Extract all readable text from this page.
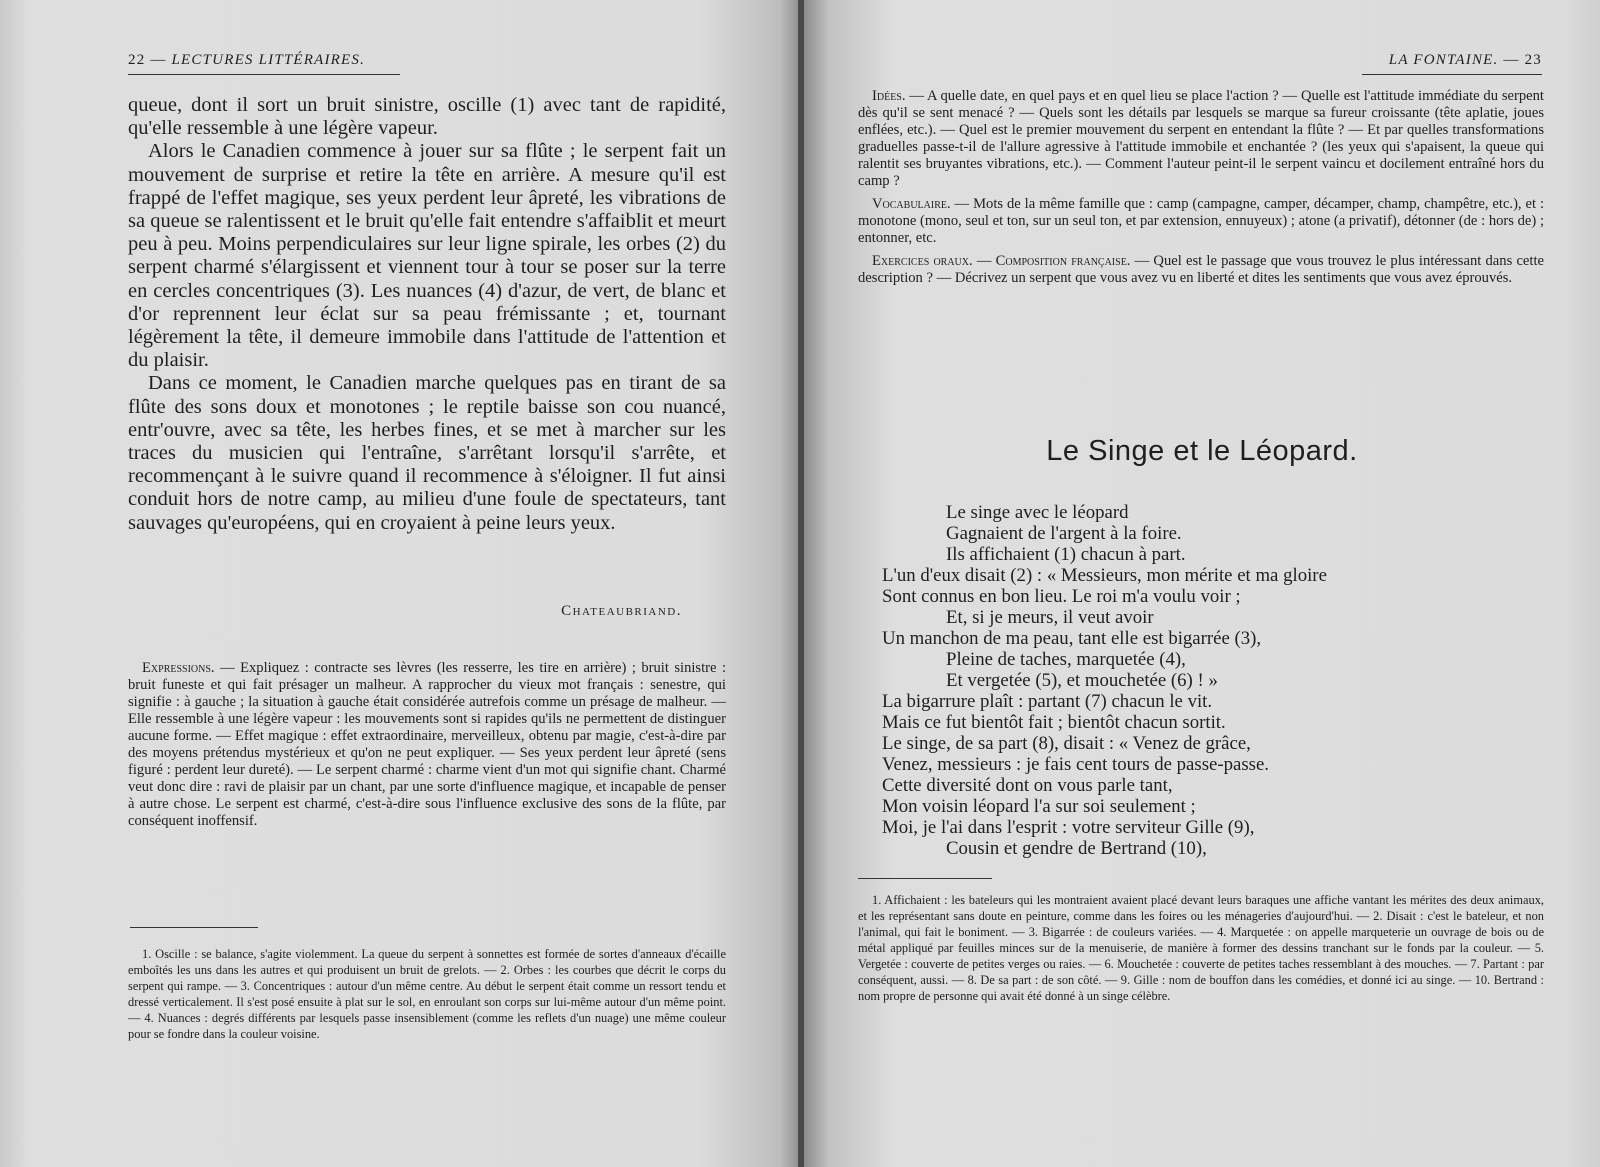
22 — LECTURES LITTÉRAIRES.

queue, dont il sort un bruit sinistre, oscille (1) avec tant de rapidité, qu'elle ressemble à une légère vapeur.

Alors le Canadien commence à jouer sur sa flûte ; le serpent fait un mouvement de surprise et retire la tête en arrière. A mesure qu'il est frappé de l'effet magique, ses yeux perdent leur âpreté, les vibrations de sa queue se ralentissent et le bruit qu'elle fait entendre s'affaiblit et meurt peu à peu. Moins perpendiculaires sur leur ligne spirale, les orbes (2) du serpent charmé s'élargissent et viennent tour à tour se poser sur la terre en cercles concentriques (3). Les nuances (4) d'azur, de vert, de blanc et d'or reprennent leur éclat sur sa peau frémissante ; et, tournant légèrement la tête, il demeure immobile dans l'attitude de l'attention et du plaisir.

Dans ce moment, le Canadien marche quelques pas en tirant de sa flûte des sons doux et monotones ; le reptile baisse son cou nuancé, entr'ouvre, avec sa tête, les herbes fines, et se met à marcher sur les traces du musicien qui l'entraîne, s'arrêtant lorsqu'il s'arrête, et recommençant à le suivre quand il recommence à s'éloigner. Il fut ainsi conduit hors de notre camp, au milieu d'une foule de spectateurs, tant sauvages qu'européens, qui en croyaient à peine leurs yeux.

Chateaubriand.

Expressions. — Expliquez : contracte ses lèvres (les resserre, les tire en arrière) ; bruit sinistre : bruit funeste et qui fait présager un malheur. A rapprocher du vieux mot français : senestre, qui signifie : à gauche ; la situation à gauche était considérée autrefois comme un présage de malheur. — Elle ressemble à une légère vapeur : les mouvements sont si rapides qu'ils ne permettent de distinguer aucune forme. — Effet magique : effet extraordinaire, merveilleux, obtenu par magie, c'est-à-dire par des moyens prétendus mystérieux et qu'on ne peut expliquer. — Ses yeux perdent leur âpreté (sens figuré : perdent leur dureté). — Le serpent charmé : charme vient d'un mot qui signifie chant. Charmé veut donc dire : ravi de plaisir par un chant, par une sorte d'influence magique, et incapable de penser à autre chose. Le serpent est charmé, c'est-à-dire sous l'influence exclusive des sons de la flûte, par conséquent inoffensif.

1. Oscille : se balance, s'agite violemment. La queue du serpent à sonnettes est formée de sortes d'anneaux d'écaille emboîtés les uns dans les autres et qui produisent un bruit de grelots. — 2. Orbes : les courbes que décrit le corps du serpent qui rampe. — 3. Concentriques : autour d'un même centre. Au début le serpent était comme un ressort tendu et dressé verticalement. Il s'est posé ensuite à plat sur le sol, en enroulant son corps sur lui-même autour d'un même point. — 4. Nuances : degrés différents par lesquels passe insensiblement (comme les reflets d'un nuage) une même couleur pour se fondre dans la couleur voisine.

LA FONTAINE. — 23

Idées. — A quelle date, en quel pays et en quel lieu se place l'action ? — Quelle est l'attitude immédiate du serpent dès qu'il se sent menacé ? — Quels sont les détails par lesquels se marque sa fureur croissante (tête aplatie, joues enflées, etc.). — Quel est le premier mouvement du serpent en entendant la flûte ? — Et par quelles transformations graduelles passe-t-il de l'allure agressive à l'attitude immobile et enchantée ? (les yeux qui s'apaisent, la queue qui ralentit ses bruyantes vibrations, etc.). — Comment l'auteur peint-il le serpent vaincu et docilement entraîné hors du camp ?

Vocabulaire. — Mots de la même famille que : camp (campagne, camper, décamper, champ, champêtre, etc.), et : monotone (mono, seul et ton, sur un seul ton, et par extension, ennuyeux) ; atone (a privatif), détonner (de : hors de) ; entonner, etc.

Exercices oraux. — Composition française. — Quel est le passage que vous trouvez le plus intéressant dans cette description ? — Décrivez un serpent que vous avez vu en liberté et dites les sentiments que vous avez éprouvés.

Le Singe et le Léopard.
Le singe avec le léopard
Gagnaient de l'argent à la foire.
Ils affichaient (1) chacun à part.
L'un d'eux disait (2) : « Messieurs, mon mérite et ma gloire
Sont connus en bon lieu. Le roi m'a voulu voir ;
Et, si je meurs, il veut avoir
Un manchon de ma peau, tant elle est bigarrée (3),
Pleine de taches, marquetée (4),
Et vergetée (5), et mouchetée (6) ! »
La bigarrure plaît : partant (7) chacun le vit.
Mais ce fut bientôt fait ; bientôt chacun sortit.
Le singe, de sa part (8), disait : « Venez de grâce,
Venez, messieurs : je fais cent tours de passe-passe.
Cette diversité dont on vous parle tant,
Mon voisin léopard l'a sur soi seulement ;
Moi, je l'ai dans l'esprit : votre serviteur Gille (9),
Cousin et gendre de Bertrand (10),

1. Affichaient : les bateleurs qui les montraient avaient placé devant leurs baraques une affiche vantant les mérites des deux animaux, et les représentant sans doute en peinture, comme dans les foires ou les ménageries d'aujourd'hui. — 2. Disait : c'est le bateleur, et non l'animal, qui fait le boniment. — 3. Bigarrée : de couleurs variées. — 4. Marquetée : on appelle marqueterie un ouvrage de bois ou de métal appliqué par feuilles minces sur de la menuiserie, de manière à former des dessins tranchant sur le fonds par la couleur. — 5. Vergetée : couverte de petites verges ou raies. — 6. Mouchetée : couverte de petites taches ressemblant à des mouches. — 7. Partant : par conséquent, aussi. — 8. De sa part : de son côté. — 9. Gille : nom de bouffon dans les comédies, et donné ici au singe. — 10. Bertrand : nom propre de personne qui avait été donné à un singe célèbre.
